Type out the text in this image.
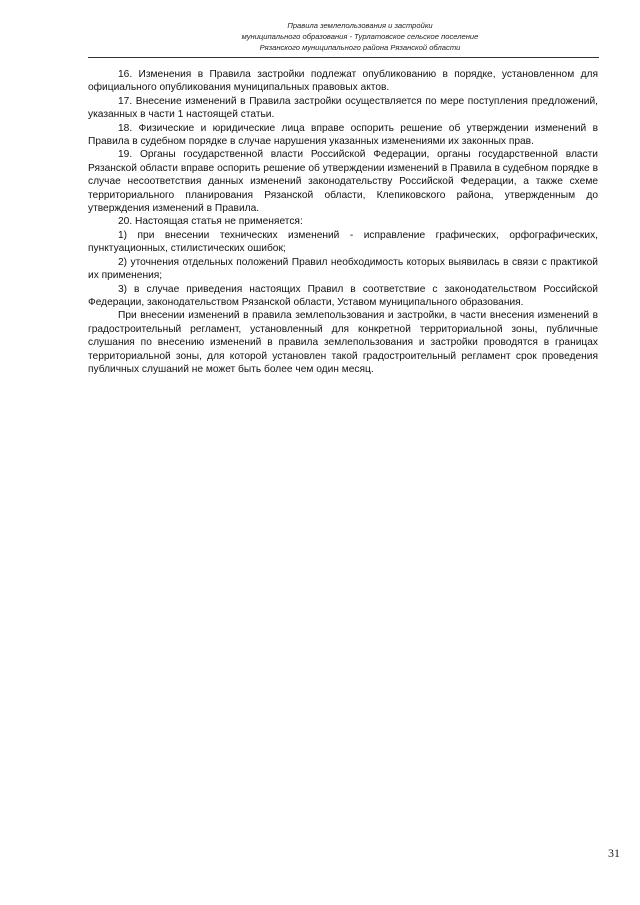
Правила землепользования и застройки
муниципального образования - Турлатовское сельское поселение
Рязанского муниципального района Рязанской области

16. Изменения в Правила застройки подлежат опубликованию в порядке, установленном для официального опубликования муниципальных правовых актов.

17. Внесение изменений в Правила застройки осуществляется по мере поступления предложений, указанных в части 1 настоящей статьи.

18. Физические и юридические лица вправе оспорить решение об утверждении изменений в Правила в судебном порядке в случае нарушения указанных изменениями их законных прав.

19. Органы государственной власти Российской Федерации, органы государственной власти Рязанской области вправе оспорить решение об утверждении изменений в Правила в судебном порядке в случае несоответствия данных изменений законодательству Российской Федерации, а также схеме территориального планирования Рязанской области, Клепиковского района, утвержденным до утверждения изменений в Правила.

20. Настоящая статья не применяется:

1) при внесении технических изменений - исправление графических, орфографических, пунктуационных, стилистических ошибок;

2) уточнения отдельных положений Правил необходимость которых выявилась в связи с практикой их применения;

3) в случае приведения настоящих Правил в соответствие с законодательством Российской Федерации, законодательством Рязанской области, Уставом муниципального образования.

При внесении изменений в правила землепользования и застройки, в части внесения изменений в градостроительный регламент, установленный для конкретной территориальной зоны, публичные слушания по внесению изменений в правила землепользования и застройки проводятся в границах территориальной зоны, для которой установлен такой градостроительный регламент срок проведения публичных слушаний не может быть более чем один месяц.

31
